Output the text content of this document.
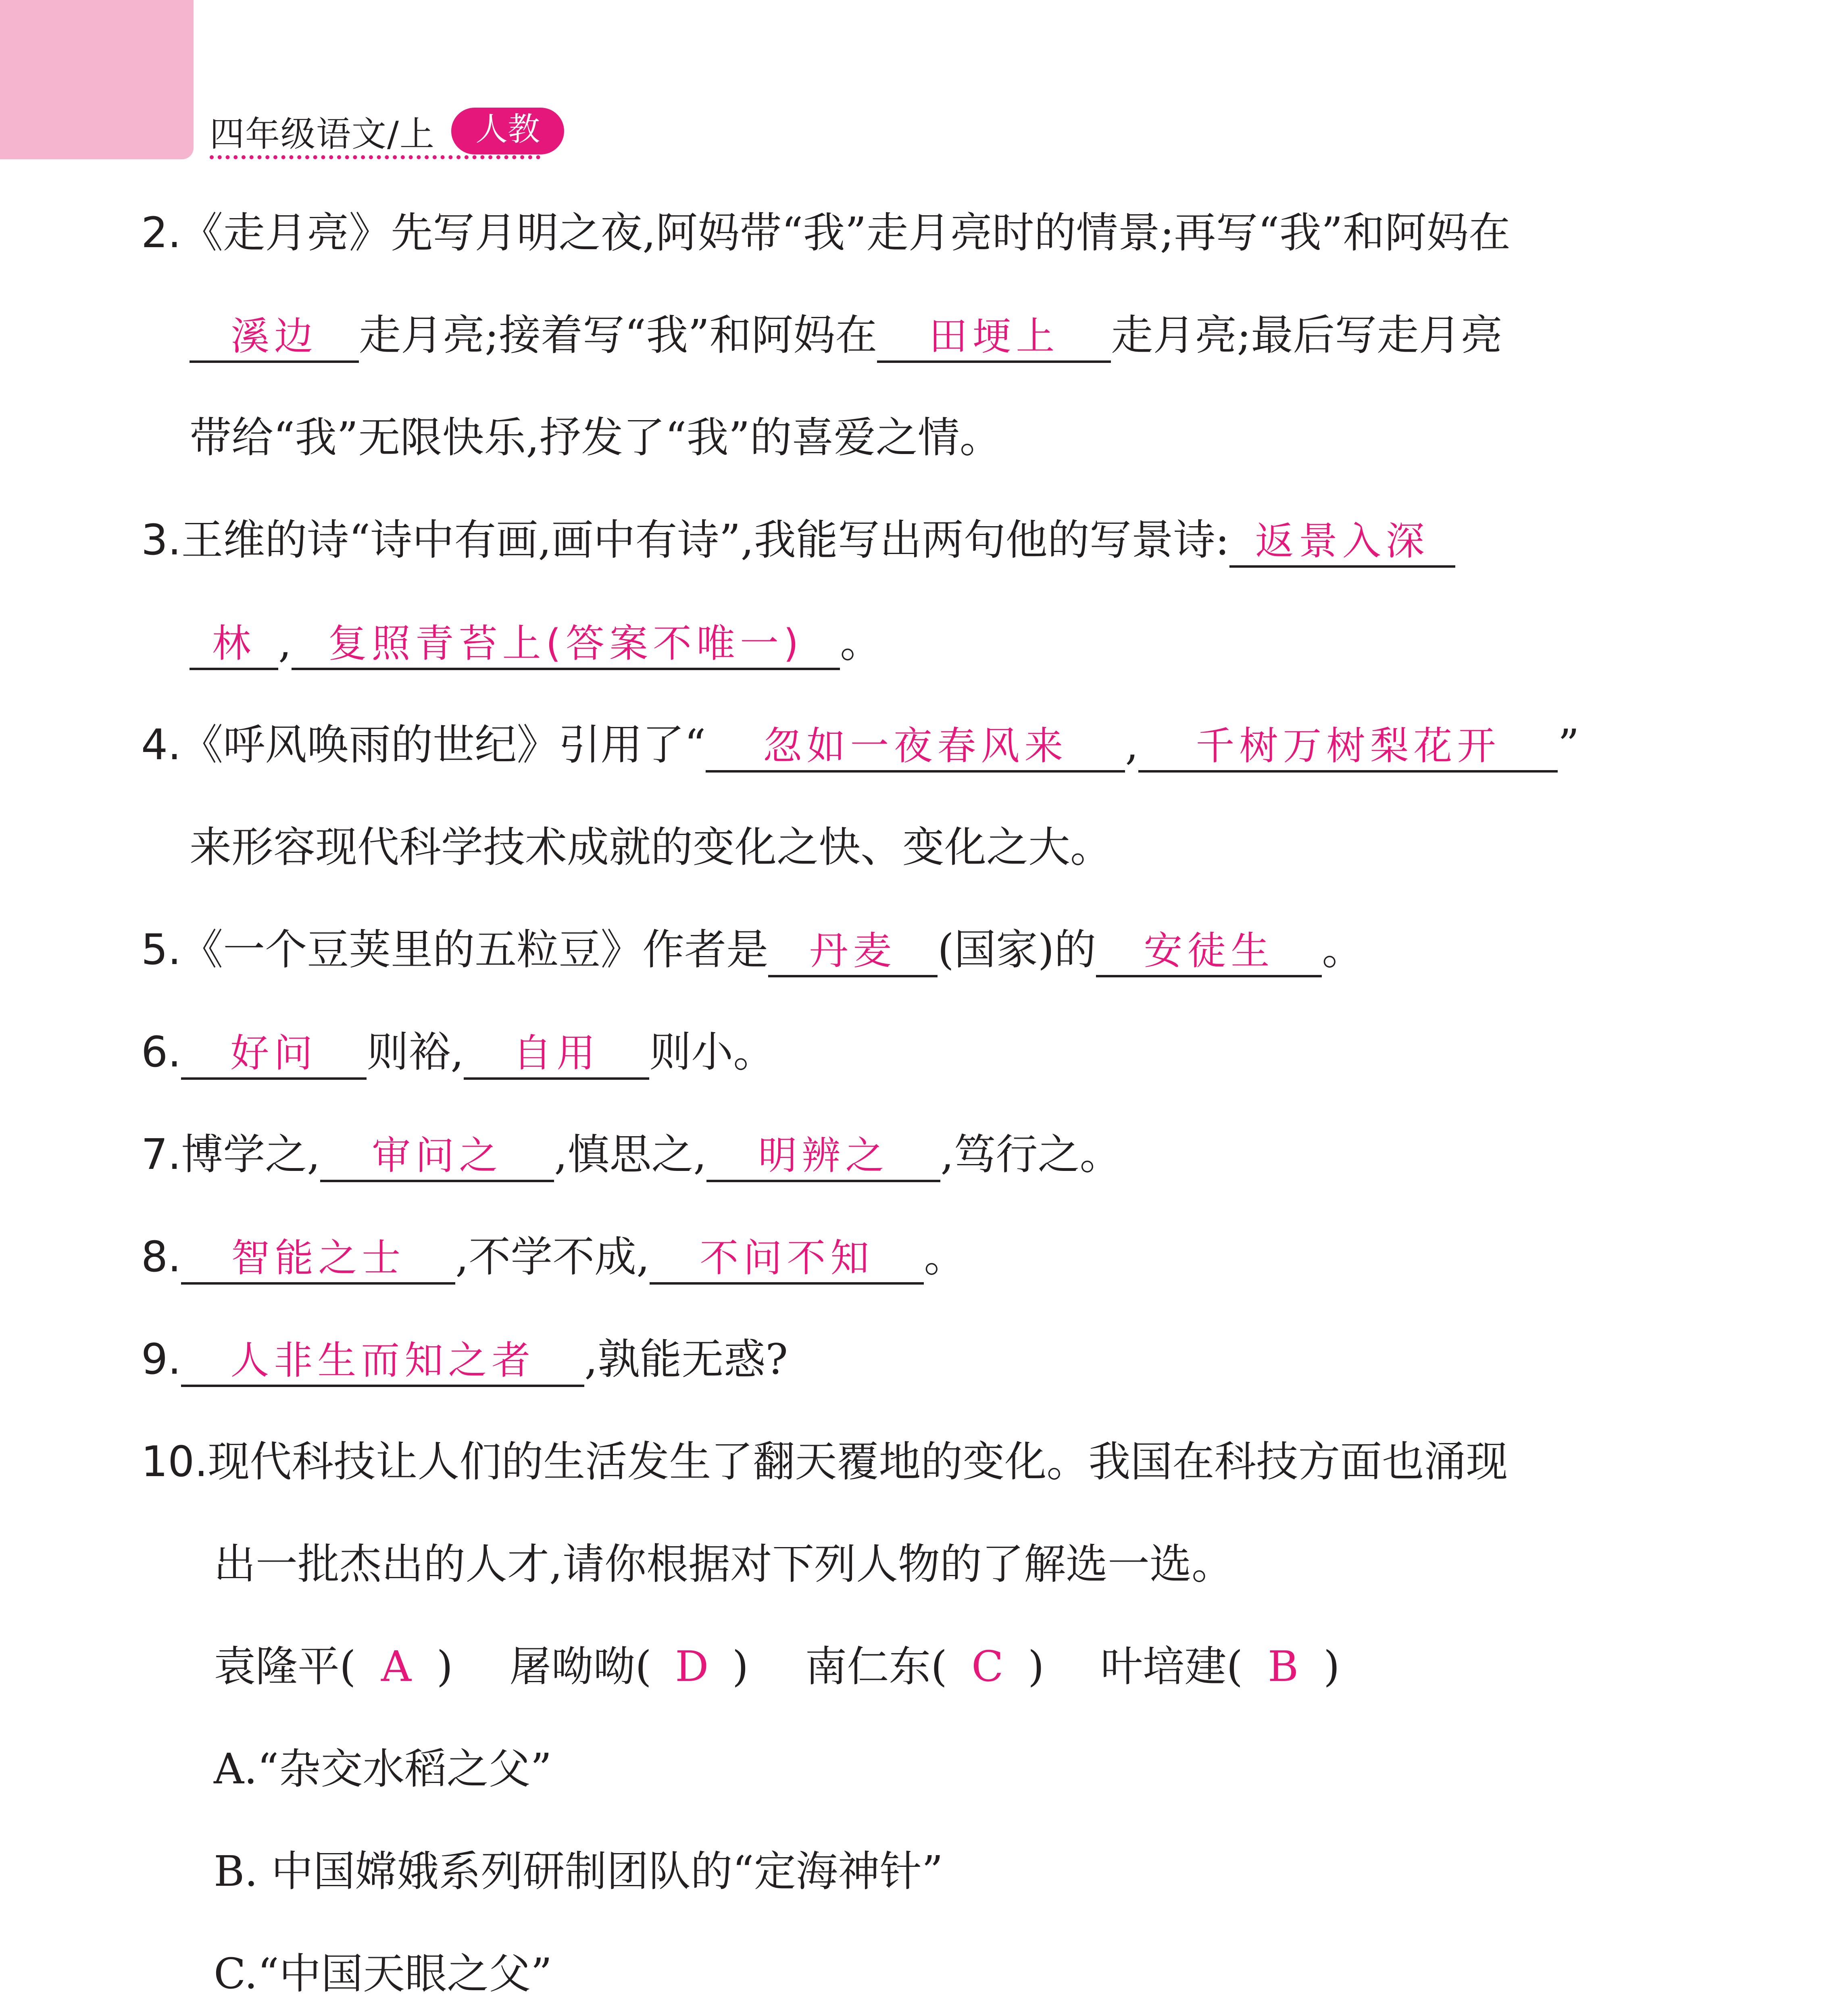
四年级语文/上	人教
2.《走月亮》先写月明之夜,阿妈带“我”走月亮时的情景;再写“我”和阿妈在
溪边 走月亮;接着写“我”和阿妈在 田埂上 走月亮;最后写走月亮
带给“我”无限快乐,抒发了“我”的喜爱之情。
3.王维的诗“诗中有画,画中有诗”,我能写出两句他的写景诗: 返景入深
林 , 复照青苔上(答案不唯一) 。
4.《呼风唤雨的世纪》引用了“ 忽如一夜春风来 , 千树万树梨花开 ”
来形容现代科学技术成就的变化之快、变化之大。
5.《一个豆荚里的五粒豆》作者是 丹麦 (国家)的 安徒生 。
6. 好问 则裕, 自用 则小。
7.博学之, 审问之 ,慎思之, 明辨之 ,笃行之。
8. 智能之士 ,不学不成, 不问不知 。
9. 人非生而知之者 ,孰能无惑?
10.现代科技让人们的生活发生了翻天覆地的变化。我国在科技方面也涌现
出一批杰出的人才,请你根据对下列人物的了解选一选。
袁隆平( A ) 屠呦呦( D ) 南仁东( C ) 叶培建( B )
A.“杂交水稻之父”
B. 中国嫦娥系列研制团队的“定海神针”
C.“中国天眼之父”
